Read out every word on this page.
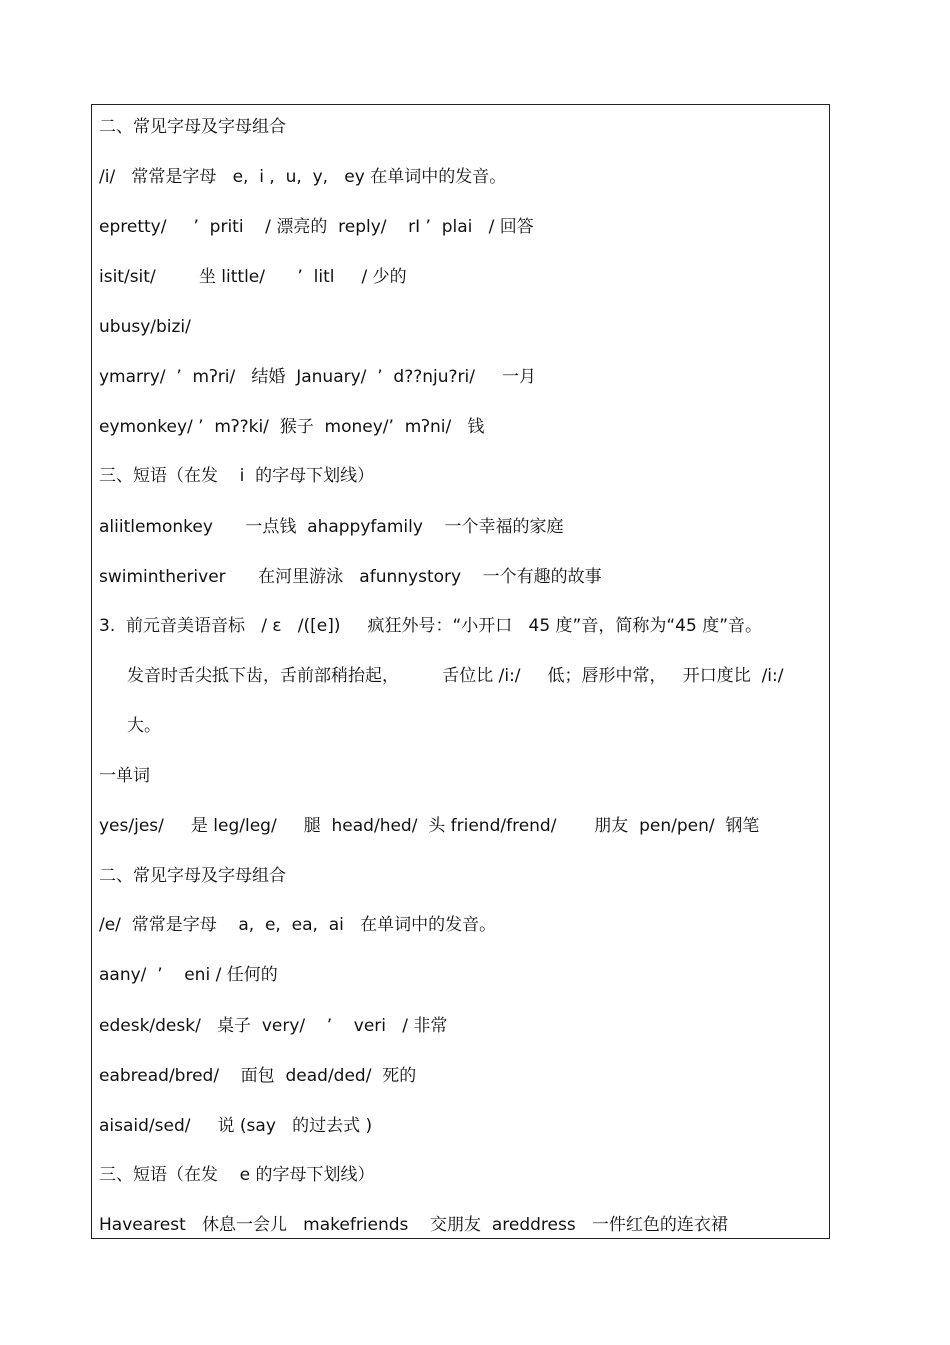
二、常见字母及字母组合
/i/   常常是字母   e,  i ,  u,  y,   ey 在单词中的发音。
epretty/     ’  priti    / 漂亮的  reply/    rI ’  plai   / 回答
isit/sit/        坐 little/      ’  litl     / 少的
ubusy/bizi/
ymarry/  ’  mʔri/   结婚  January/  ’  d??nju?ri/     一月
eymonkey/ ’  mʔ?ki/  猴子  money/’  mʔni/   钱
三、短语（在发    i  的字母下划线）
aliitlemonkey      一点钱  ahappyfamily    一个幸福的家庭
swimintheriver      在河里游泳   afunnystory    一个有趣的故事
3.  前元音美语音标   / ε   /([e])     疯狂外号：“小开口   45 度”音，简称为“45 度”音。
发音时舌尖抵下齿，舌前部稍抬起，        舌位比 /i:/     低；唇形中常，   开口度比  /i:/
大。
一单词
yes/jes/     是 leg/leg/     腿  head/hed/  头 friend/frend/       朋友  pen/pen/  钢笔
二、常见字母及字母组合
/e/  常常是字母    a,  e,  ea,  ai   在单词中的发音。
aany/  ’    eni / 任何的
edesk/desk/   桌子  very/    ’    veri   / 非常
eabread/bred/    面包  dead/ded/  死的
aisaid/sed/     说 (say   的过去式 )
三、短语（在发    e 的字母下划线）
Havearest   休息一会儿   makefriends    交朋友  areddress   一件红色的连衣裙
